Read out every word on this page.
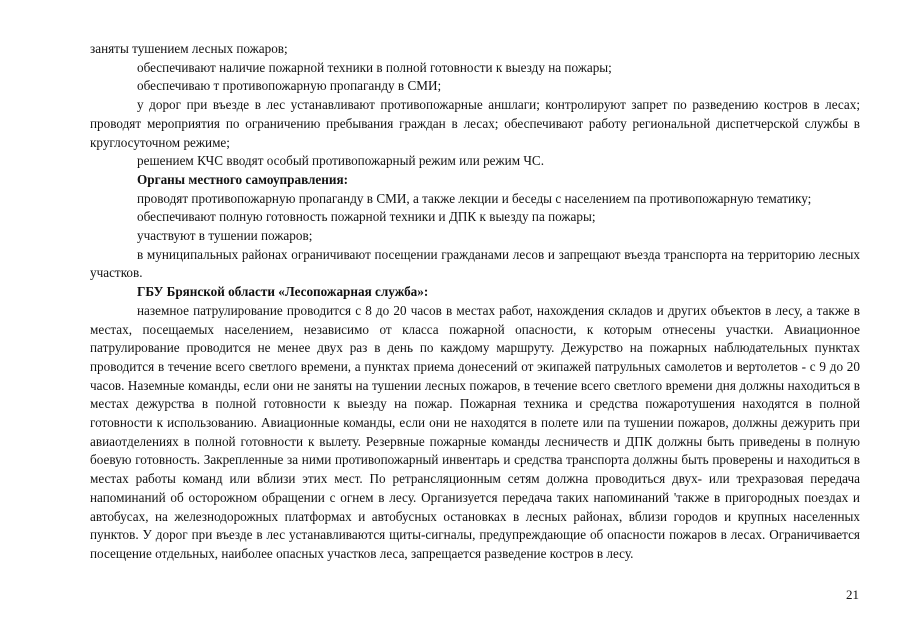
заняты тушением лесных пожаров;

обеспечивают наличие пожарной техники в полной готовности к выезду на пожары;

обеспечиваю т противопожарную пропаганду в СМИ;

у дорог при въезде в лес устанавливают противопожарные аншлаги; контролируют запрет по разведению костров в лесах; проводят мероприятия по ограничению пребывания граждан в лесах; обеспечивают работу региональной диспетчерской службы в круглосуточном режиме;

решением КЧС вводят особый противопожарный режим или режим ЧС.

Органы местного самоуправления:

проводят противопожарную пропаганду в СМИ, а также лекции и беседы с населением па противопожарную тематику;

обеспечивают полную готовность пожарной техники и ДПК к выезду па пожары;

участвуют в тушении пожаров;

в муниципальных районах ограничивают посещении гражданами лесов и запрещают въезда транспорта на территорию лесных участков.

ГБУ Брянской области «Лесопожарная служба»:

наземное патрулирование проводится с 8 до 20 часов в местах работ, нахождения складов и других объектов в лесу, а также в местах, посещаемых населением, независимо от класса пожарной опасности, к которым отнесены участки. Авиационное патрулирование проводится не менее двух раз в день по каждому маршруту. Дежурство на пожарных наблюдательных пунктах проводится в течение всего светлого времени, а пунктах приема донесений от экипажей патрульных самолетов и вертолетов - с 9 до 20 часов. Наземные команды, если они не заняты на тушении лесных пожаров, в течение всего светлого времени дня должны находиться в местах дежурства в полной готовности к выезду на пожар. Пожарная техника и средства пожаротушения находятся в полной готовности к использованию. Авиационные команды, если они не находятся в полете или па тушении пожаров, должны дежурить при авиаотделениях в полной готовности к вылету. Резервные пожарные команды лесничеств и ДПК должны быть приведены в полную боевую готовность. Закрепленные за ними противопожарный инвентарь и средства транспорта должны быть проверены и находиться в местах работы команд или вблизи этих мест. По ретрансляционным сетям должна проводиться двух- или трехразовая передача напоминаний об осторожном обращении с огнем в лесу. Организуется передача таких напоминаний 'также в пригородных поездах и автобусах, на железнодорожных платформах и автобусных остановках в лесных районах, вблизи городов и крупных населенных пунктов. У дорог при въезде в лес устанавливаются щиты-сигналы, предупреждающие об опасности пожаров в лесах. Ограничивается посещение отдельных, наиболее опасных участков леса, запрещается разведение костров в лесу.

21
